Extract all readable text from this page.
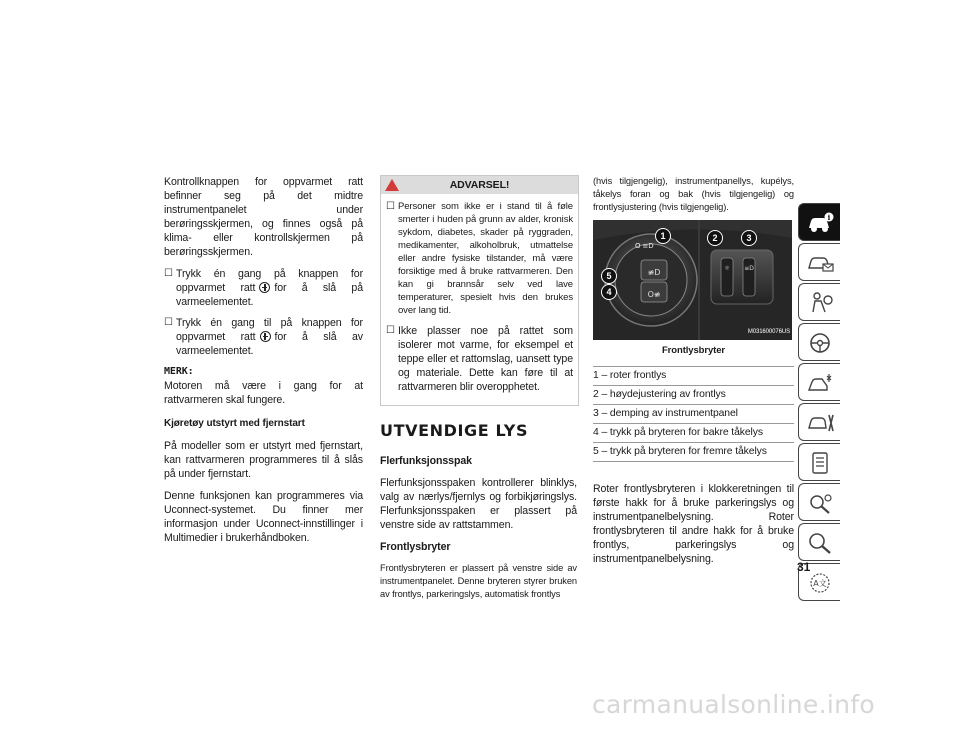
Kontrollknappen for oppvarmet ratt befinner seg på det midtre instrumentpanelet under berøringsskjermen, og finnes også på klima- eller kontrollskjermen på berøringsskjermen.

☐ Trykk én gang på knappen for oppvarmet ratt for å slå på varmeelementet.
☐ Trykk én gang til på knappen for oppvarmet ratt for å slå av varmeelementet.
MERK:

Motoren må være i gang for at rattvarmeren skal fungere.

Kjøretøy utstyrt med fjernstart

På modeller som er utstyrt med fjernstart, kan rattvarmeren programmeres til å slås på under fjernstart.

Denne funksjonen kan programmeres via Uconnect-systemet. Du finner mer informasjon under Uconnect-innstillinger i Multimedier i brukerhåndboken.

ADVARSEL!
☐ Personer som ikke er i stand til å føle smerter i huden på grunn av alder, kronisk sykdom, diabetes, skader på ryggraden, medikamenter, alkoholbruk, utmattelse eller andre fysiske tilstander, må være forsiktige med å bruke rattvarmeren. Den kan gi brannsår selv ved lave temperaturer, spesielt hvis den brukes over lang tid.
☐ Ikke plasser noe på rattet som isolerer mot varme, for eksempel et teppe eller et rattomslag, uansett type og materiale. Dette kan føre til at rattvarmeren blir overopphetet.
UTVENDIGE LYS
Flerfunksjonsspak

Flerfunksjonsspaken kontrollerer blinklys, valg av nærlys/fjernlys og forbikjøringslys. Flerfunksjonsspaken er plassert på venstre side av rattstammen.

Frontlysbryter

Frontlysbryteren er plassert på venstre side av instrumentpanelet. Denne bryteren styrer bruken av frontlys, parkeringslys, automatisk frontlys

(hvis tilgjengelig), instrumentpanellys, kupélys, tåkelys foran og bak (hvis tilgjengelig) og frontlysjustering (hvis tilgjengelig).

≢D
O≢
O ≡D
☼ ≡D
1	2	3
5
4
M031600076US
Frontlysbryter
1 – roter frontlys
2 – høydejustering av frontlys
3 – demping av instrumentpanel
4 – trykk på bryteren for bakre tåkelys
5 – trykk på bryteren for fremre tåkelys

Roter frontlysbryteren i klokkeretningen til første hakk for å bruke parkeringslys og instrumentpanelbelysning. Roter frontlysbryteren til andre hakk for å bruke frontlys, parkeringslys og instrumentpanelbelysning.

i
A文
31
carmanualsonline.info
